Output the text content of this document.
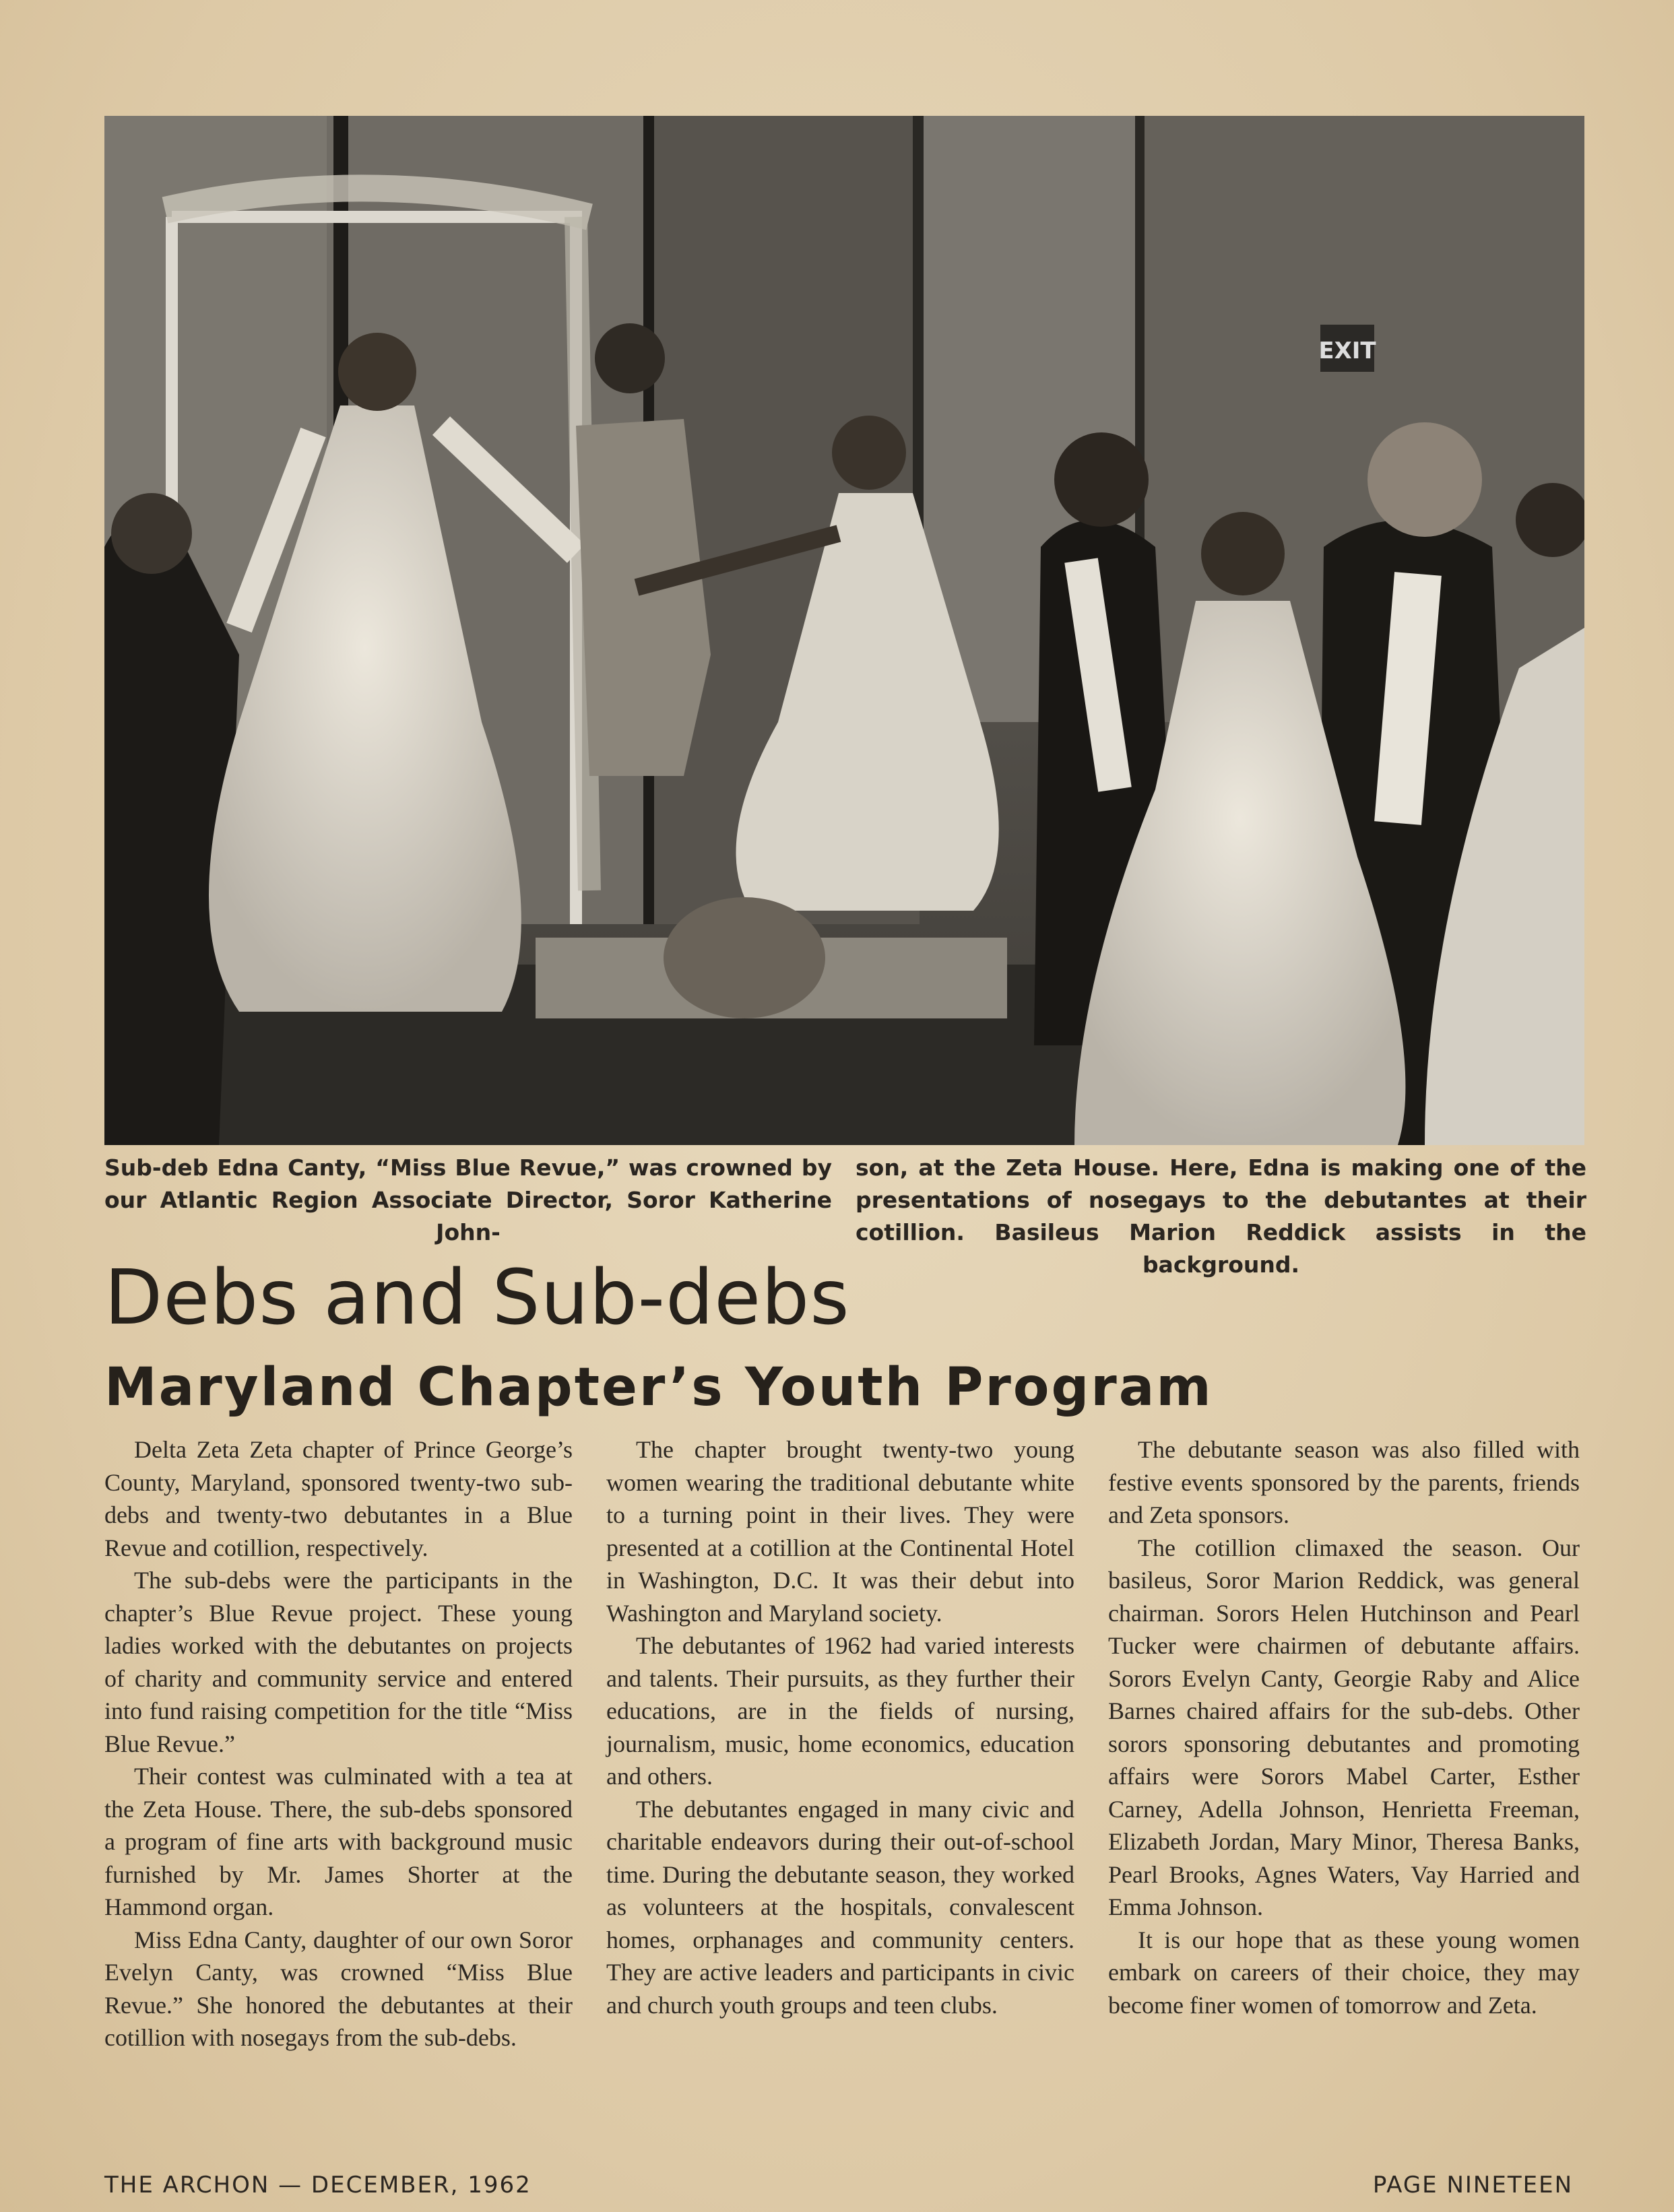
EXIT
Sub-deb Edna Canty, “Miss Blue Revue,” was crowned by our Atlantic Region Associate Director, Soror Katherine John-
son, at the Zeta House. Here, Edna is making one of the presentations of nosegays to the debutantes at their cotillion. Basileus Marion Reddick assists in the background.
Debs and Sub-debs
Maryland Chapter’s Youth Program

Delta Zeta Zeta chapter of Prince George’s County, Maryland, sponsored twenty-two sub-debs and twenty-two debutantes in a Blue Revue and cotillion, respectively.

The sub-debs were the participants in the chapter’s Blue Revue project. These young ladies worked with the debutantes on projects of charity and community service and entered into fund raising competition for the title “Miss Blue Revue.”

Their contest was culminated with a tea at the Zeta House. There, the sub-debs sponsored a program of fine arts with background music furnished by Mr. James Shorter at the Hammond organ.

Miss Edna Canty, daughter of our own Soror Evelyn Canty, was crowned “Miss Blue Revue.” She honored the debutantes at their cotillion with nosegays from the sub-debs.

The chapter brought twenty-two young women wearing the traditional debutante white to a turning point in their lives. They were presented at a cotillion at the Continental Hotel in Washington, D.C. It was their debut into Washington and Maryland society.

The debutantes of 1962 had varied interests and talents. Their pursuits, as they further their educations, are in the fields of nursing, journalism, music, home economics, education and others.

The debutantes engaged in many civic and charitable endeavors during their out-of-school time. During the debutante season, they worked as volunteers at the hospitals, convalescent homes, orphanages and community centers. They are active leaders and participants in civic and church youth groups and teen clubs.

The debutante season was also filled with festive events sponsored by the parents, friends and Zeta sponsors.

The cotillion climaxed the season. Our basileus, Soror Marion Reddick, was general chairman. Sorors Helen Hutchinson and Pearl Tucker were chairmen of debutante affairs. Sorors Evelyn Canty, Georgie Raby and Alice Barnes chaired affairs for the sub-debs. Other sorors sponsoring debutantes and promoting affairs were Sorors Mabel Carter, Esther Carney, Adella Johnson, Henrietta Freeman, Elizabeth Jordan, Mary Minor, Theresa Banks, Pearl Brooks, Agnes Waters, Vay Harried and Emma Johnson.

It is our hope that as these young women embark on careers of their choice, they may become finer women of tomorrow and Zeta.

THE ARCHON — DECEMBER, 1962	PAGE NINETEEN
